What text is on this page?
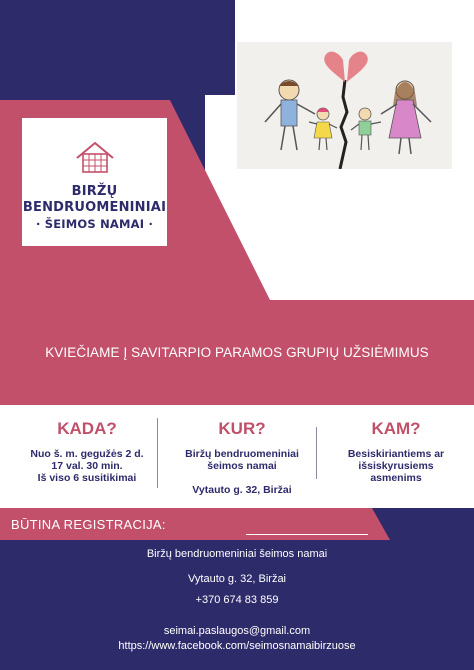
BIRŽŲ
BENDRUOMENINIAI
· ŠEIMOS NAMAI ·
KVIEČIAME Į SAVITARPIO PARAMOS GRUPIŲ UŽSIĖMIMUS
KADA?

Nuo š. m. gegužės 2 d.

17 val. 30 min.

Iš viso 6 susitikimai

KUR?

Biržų bendruomeniniai

šeimos namai

Vytauto g. 32, Biržai

KAM?

Besiskiriantiems ar

išsiskyrusiems

asmenims

BŪTINA REGISTRACIJA:
Biržų bendruomeniniai šeimos namai
Vytauto g. 32, Biržai
+370 674 83 859
seimai.paslaugos@gmail.com
https://www.facebook.com/seimosnamaibirzuose
